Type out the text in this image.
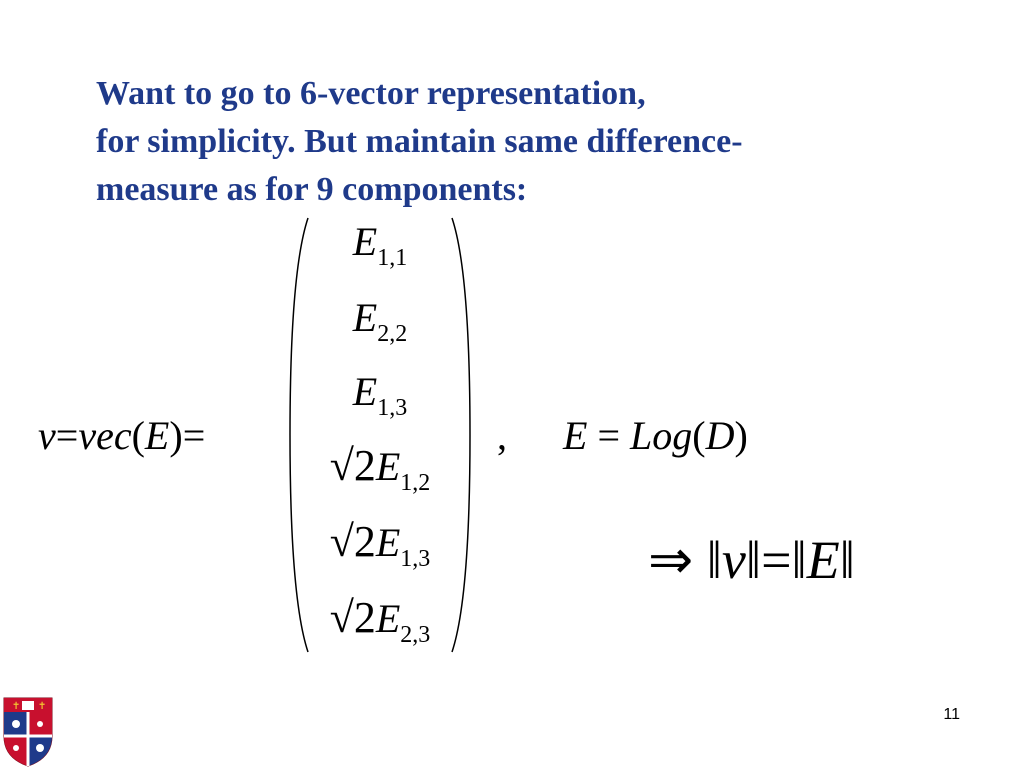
Want to go to 6-vector representation,
for simplicity. But maintain same difference-
measure as for 9 components:
v=vec(E)=
$E_{1,1}$
$E_{2,2}$
$E_{1,3}$
$√2E_{1,2}$
$√2E_{1,3}$
$√2E_{2,3}$
, E = Log(D)
⇒ ‖v‖=‖E‖
✝ ✝	11
